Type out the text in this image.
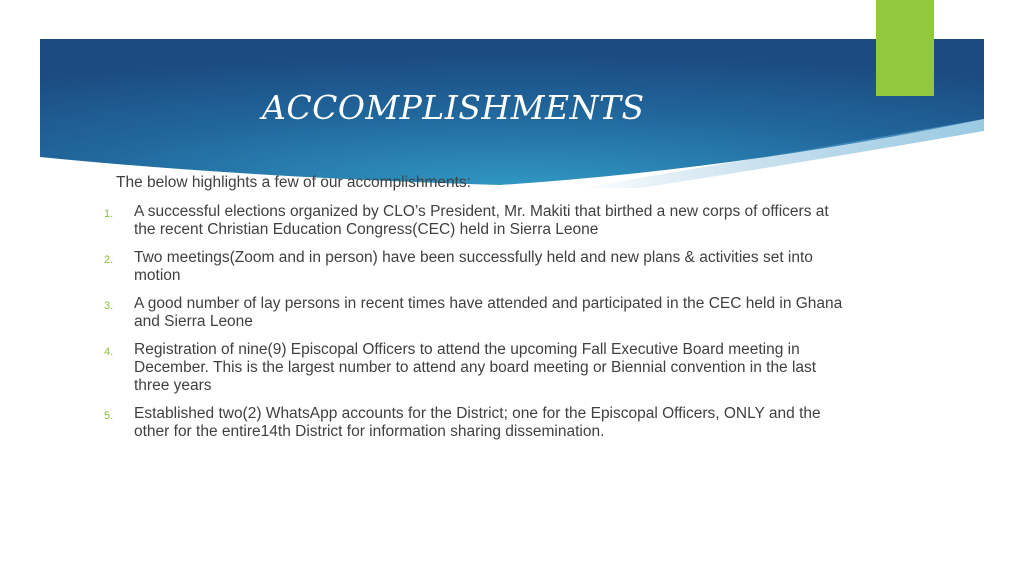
ACCOMPLISHMENTS

The below highlights a few of our accomplishments:

1. A successful elections organized by CLO’s President, Mr. Makiti that birthed a new corps of officers at the recent Christian Education Congress(CEC) held in Sierra Leone
2. Two meetings(Zoom and in person) have been successfully held and new plans & activities set into motion
3. A good number of lay persons in recent times have attended and participated in the CEC held in Ghana and Sierra Leone
4. Registration of nine(9) Episcopal Officers to attend the upcoming Fall Executive Board meeting in December. This is the largest number to attend any board meeting or Biennial convention in the last three years
5. Established two(2) WhatsApp accounts for the District; one for the Episcopal Officers, ONLY and the other for the entire14th District for information sharing dissemination.
